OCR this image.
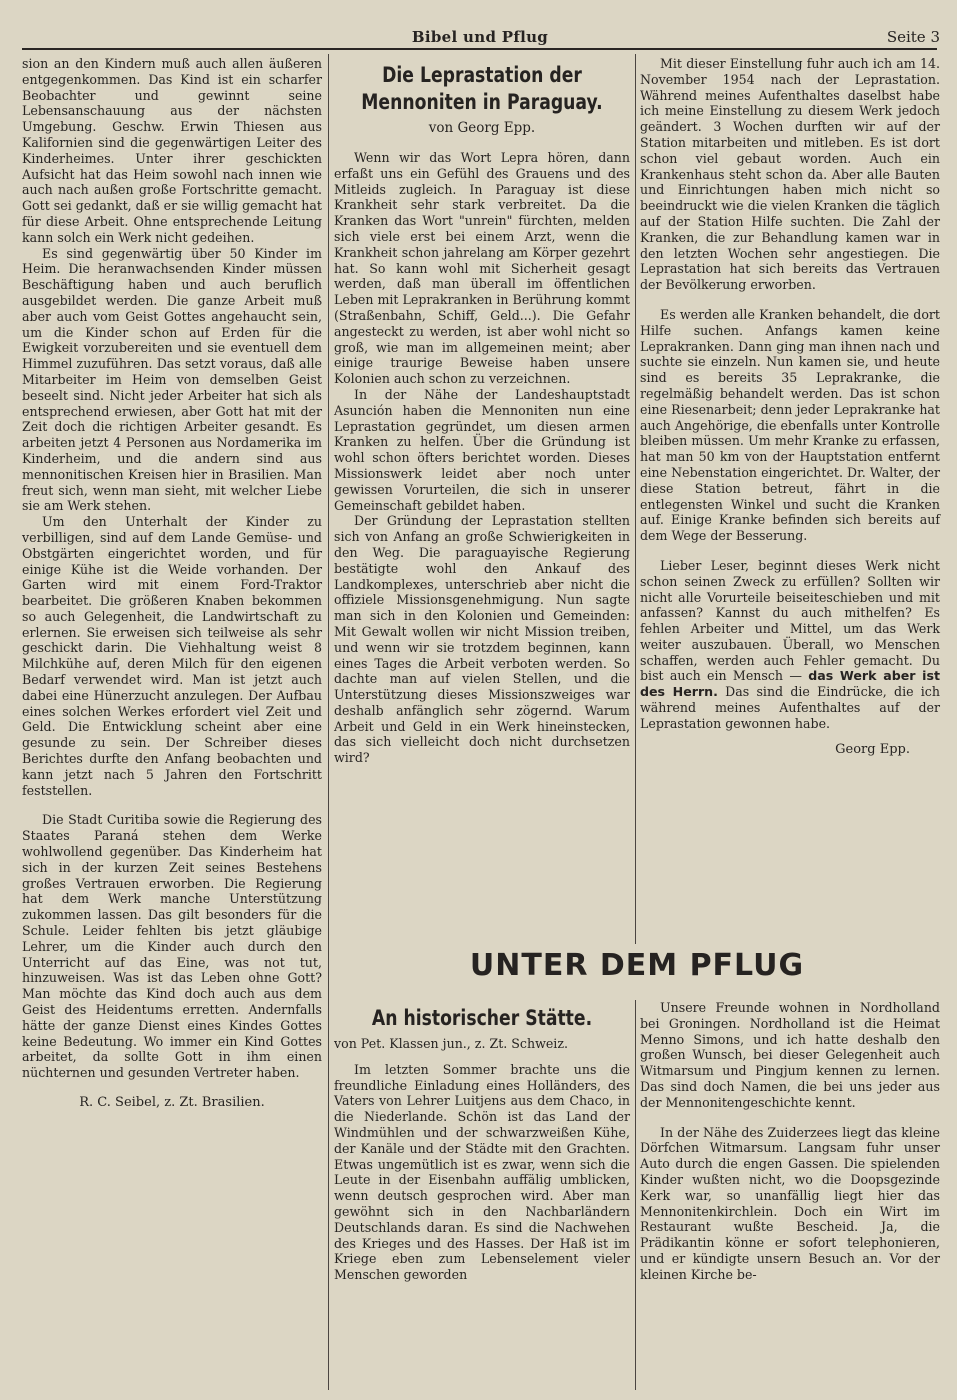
Bibel und Pflug	Seite 3

sion an den Kindern muß auch allen äußeren entgegenkommen. Das Kind ist ein scharfer Beobachter und gewinnt seine Lebensanschauung aus der nächsten Umgebung. Geschw. Erwin Thiesen aus Kalifornien sind die gegenwärtigen Leiter des Kinderheimes. Unter ihrer geschickten Aufsicht hat das Heim sowohl nach innen wie auch nach außen große Fortschritte gemacht. Gott sei gedankt, daß er sie willig gemacht hat für diese Arbeit. Ohne entsprechende Leitung kann solch ein Werk nicht gedeihen.

Es sind gegenwärtig über 50 Kinder im Heim. Die heranwachsenden Kinder müssen Beschäftigung haben und auch beruflich ausgebildet werden. Die ganze Arbeit muß aber auch vom Geist Gottes angehaucht sein, um die Kinder schon auf Erden für die Ewigkeit vorzubereiten und sie eventuell dem Himmel zuzuführen. Das setzt voraus, daß alle Mitarbeiter im Heim von demselben Geist beseelt sind. Nicht jeder Arbeiter hat sich als entsprechend erwiesen, aber Gott hat mit der Zeit doch die richtigen Arbeiter gesandt. Es arbeiten jetzt 4 Personen aus Nordamerika im Kinderheim, und die andern sind aus mennonitischen Kreisen hier in Brasilien. Man freut sich, wenn man sieht, mit welcher Liebe sie am Werk stehen.

Um den Unterhalt der Kinder zu verbilligen, sind auf dem Lande Gemüse- und Obstgärten eingerichtet worden, und für einige Kühe ist die Weide vorhanden. Der Garten wird mit einem Ford-Traktor bearbeitet. Die größeren Knaben bekommen so auch Gelegenheit, die Landwirtschaft zu erlernen. Sie erweisen sich teilweise als sehr geschickt darin. Die Viehhaltung weist 8 Milchkühe auf, deren Milch für den eigenen Bedarf verwendet wird. Man ist jetzt auch dabei eine Hünerzucht anzulegen. Der Aufbau eines solchen Werkes erfordert viel Zeit und Geld. Die Entwicklung scheint aber eine gesunde zu sein. Der Schreiber dieses Berichtes durfte den Anfang beobachten und kann jetzt nach 5 Jahren den Fortschritt feststellen.

Die Stadt Curitiba sowie die Regierung des Staates Paraná stehen dem Werke wohlwollend gegenüber. Das Kinderheim hat sich in der kurzen Zeit seines Bestehens großes Vertrauen erworben. Die Regierung hat dem Werk manche Unterstützung zukommen lassen. Das gilt besonders für die Schule. Leider fehlten bis jetzt gläubige Lehrer, um die Kinder auch durch den Unterricht auf das Eine, was not tut, hinzuweisen. Was ist das Leben ohne Gott? Man möchte das Kind doch auch aus dem Geist des Heidentums erretten. Andernfalls hätte der ganze Dienst eines Kindes Gottes keine Bedeutung. Wo immer ein Kind Gottes arbeitet, da sollte Gott in ihm einen nüchternen und gesunden Vertreter haben.

R. C. Seibel, z. Zt. Brasilien.

Die Leprastation der Mennoniten in Paraguay.
von Georg Epp.

Wenn wir das Wort Lepra hören, dann erfaßt uns ein Gefühl des Grauens und des Mitleids zugleich. In Paraguay ist diese Krankheit sehr stark verbreitet. Da die Kranken das Wort "unrein" fürchten, melden sich viele erst bei einem Arzt, wenn die Krankheit schon jahrelang am Körper gezehrt hat. So kann wohl mit Sicherheit gesagt werden, daß man überall im öffentlichen Leben mit Leprakranken in Berührung kommt (Straßenbahn, Schiff, Geld...). Die Gefahr angesteckt zu werden, ist aber wohl nicht so groß, wie man im allgemeinen meint; aber einige traurige Beweise haben unsere Kolonien auch schon zu verzeichnen.

In der Nähe der Landeshauptstadt Asunción haben die Mennoniten nun eine Leprastation gegründet, um diesen armen Kranken zu helfen. Über die Gründung ist wohl schon öfters berichtet worden. Dieses Missionswerk leidet aber noch unter gewissen Vorurteilen, die sich in unserer Gemeinschaft gebildet haben.

Der Gründung der Leprastation stellten sich von Anfang an große Schwierigkeiten in den Weg. Die paraguayische Regierung bestätigte wohl den Ankauf des Landkomplexes, unterschrieb aber nicht die offiziele Missionsgenehmigung. Nun sagte man sich in den Kolonien und Gemeinden: Mit Gewalt wollen wir nicht Mission treiben, und wenn wir sie trotzdem beginnen, kann eines Tages die Arbeit verboten werden. So dachte man auf vielen Stellen, und die Unterstützung dieses Missionszweiges war deshalb anfänglich sehr zögernd. Warum Arbeit und Geld in ein Werk hineinstecken, das sich vielleicht doch nicht durchsetzen wird?

Mit dieser Einstellung fuhr auch ich am 14. November 1954 nach der Leprastation. Während meines Aufenthaltes daselbst habe ich meine Einstellung zu diesem Werk jedoch geändert. 3 Wochen durften wir auf der Station mitarbeiten und mitleben. Es ist dort schon viel gebaut worden. Auch ein Krankenhaus steht schon da. Aber alle Bauten und Einrichtungen haben mich nicht so beeindruckt wie die vielen Kranken die täglich auf der Station Hilfe suchten. Die Zahl der Kranken, die zur Behandlung kamen war in den letzten Wochen sehr angestiegen. Die Leprastation hat sich bereits das Vertrauen der Bevölkerung erworben.

Es werden alle Kranken behandelt, die dort Hilfe suchen. Anfangs kamen keine Leprakranken. Dann ging man ihnen nach und suchte sie einzeln. Nun kamen sie, und heute sind es bereits 35 Leprakranke, die regelmäßig behandelt werden. Das ist schon eine Riesenarbeit; denn jeder Leprakranke hat auch Angehörige, die ebenfalls unter Kontrolle bleiben müssen. Um mehr Kranke zu erfassen, hat man 50 km von der Hauptstation entfernt eine Nebenstation eingerichtet. Dr. Walter, der diese Station betreut, fährt in die entlegensten Winkel und sucht die Kranken auf. Einige Kranke befinden sich bereits auf dem Wege der Besserung.

Lieber Leser, beginnt dieses Werk nicht schon seinen Zweck zu erfüllen? Sollten wir nicht alle Vorurteile beiseiteschieben und mit anfassen? Kannst du auch mithelfen? Es fehlen Arbeiter und Mittel, um das Werk weiter auszubauen. Überall, wo Menschen schaffen, werden auch Fehler gemacht. Du bist auch ein Mensch — das Werk aber ist des Herrn. Das sind die Eindrücke, die ich während meines Aufenthaltes auf der Leprastation gewonnen habe.

Georg Epp.

UNTER DEM PFLUG
An historischer Stätte.

von Pet. Klassen jun., z. Zt. Schweiz.

Im letzten Sommer brachte uns die freundliche Einladung eines Holländers, des Vaters von Lehrer Luitjens aus dem Chaco, in die Niederlande. Schön ist das Land der Windmühlen und der schwarzweißen Kühe, der Kanäle und der Städte mit den Grachten. Etwas ungemütlich ist es zwar, wenn sich die Leute in der Eisenbahn auffälig umblicken, wenn deutsch gesprochen wird. Aber man gewöhnt sich in den Nachbarländern Deutschlands daran. Es sind die Nachwehen des Krieges und des Hasses. Der Haß ist im Kriege eben zum Lebenselement vieler Menschen geworden

Unsere Freunde wohnen in Nordholland bei Groningen. Nordholland ist die Heimat Menno Simons, und ich hatte deshalb den großen Wunsch, bei dieser Gelegenheit auch Witmarsum und Pingjum kennen zu lernen. Das sind doch Namen, die bei uns jeder aus der Mennonitengeschichte kennt.

In der Nähe des Zuiderzees liegt das kleine Dörfchen Witmarsum. Langsam fuhr unser Auto durch die engen Gassen. Die spielenden Kinder wußten nicht, wo die Doopsgezinde Kerk war, so unanfällig liegt hier das Mennonitenkirchlein. Doch ein Wirt im Restaurant wußte Bescheid. Ja, die Prädikantin könne er sofort telephonieren, und er kündigte unsern Besuch an. Vor der kleinen Kirche be-
